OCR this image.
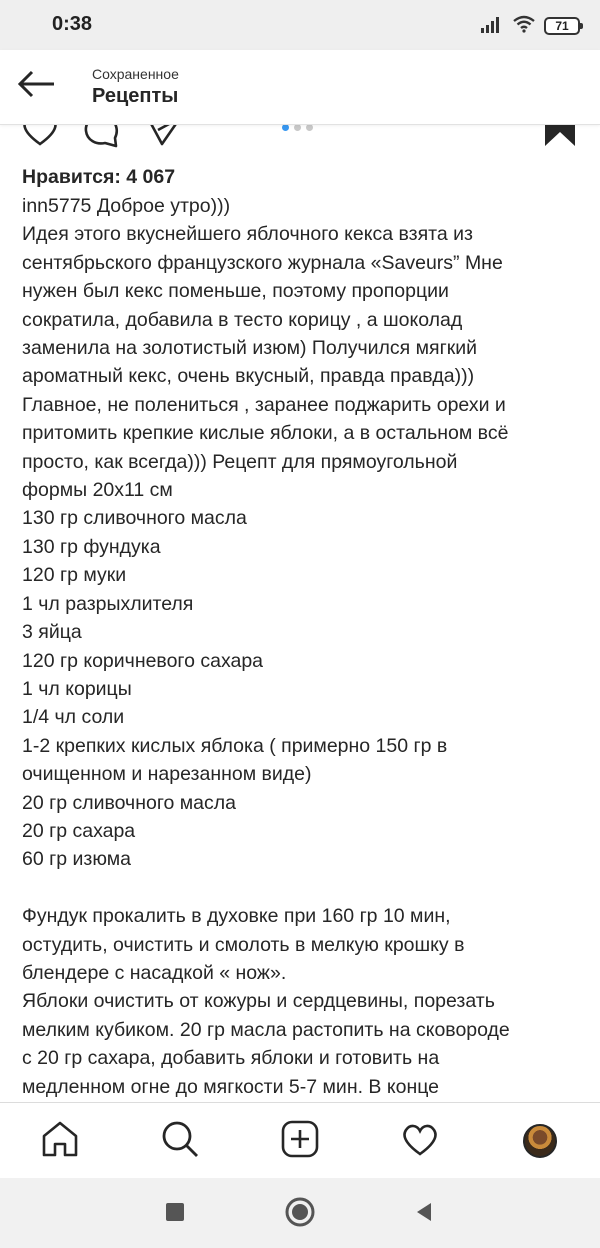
0:38	71
Сохраненное
Рецепты
Нравится: 4 067
inn5775 Доброе утро)))
Идея этого вкуснейшего яблочного кекса взята из
сентябрьского французского журнала «Saveurs” Мне
нужен был кекс поменьше, поэтому пропорции
сократила, добавила в тесто корицу , а шоколад
заменила на золотистый изюм) Получился мягкий
ароматный кекс, очень вкусный, правда правда)))
Главное, не полениться , заранее поджарить орехи и
притомить крепкие кислые яблоки, а в остальном всё
просто, как всегда))) Рецепт для прямоугольной
формы 20х11 см
130 гр сливочного масла
130 гр фундука
120 гр муки
1 чл разрыхлителя
3 яйца
120 гр коричневого сахара
1 чл корицы
1/4 чл соли
1-2 крепких кислых яблока ( примерно 150 гр в
очищенном и нарезанном виде)
20 гр сливочного масла
20 гр сахара
60 гр изюма
Фундук прокалить в духовке при 160 гр 10 мин,
остудить, очистить и смолоть в мелкую крошку в
блендере с насадкой « нож».
Яблоки очистить от кожуры и сердцевины, порезать
мелким кубиком. 20 гр масла растопить на сковороде
с 20 гр сахара, добавить яблоки и готовить на
медленном огне до мягкости 5-7 мин. В конце
